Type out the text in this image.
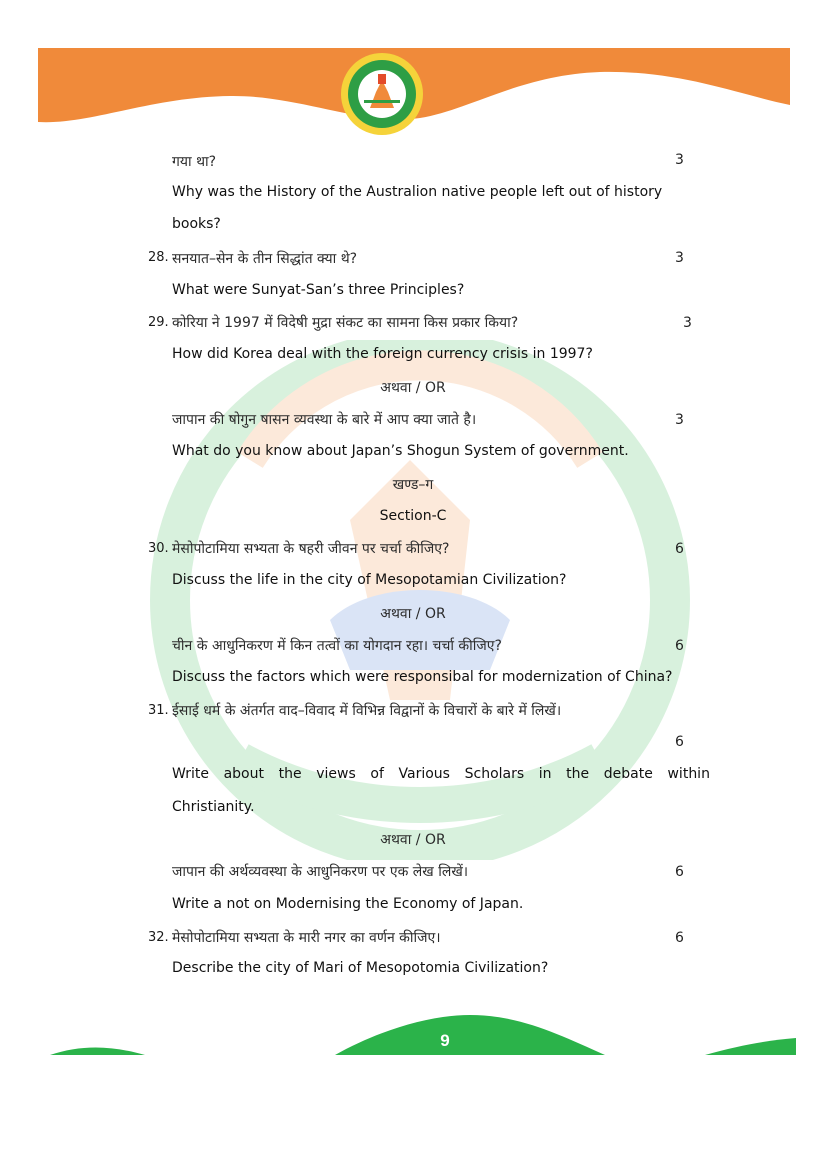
गया था?	3
Why was the History of the Australion native people left out of history
books?
28. सनयात–सेन के तीन सिद्धांत क्या थे?	3
What were Sunyat-San’s three Principles?
29. कोरिया ने 1997 में विदेषी मुद्रा संकट का सामना किस प्रकार किया?	3
How did Korea deal with the foreign currency crisis in 1997?
अथवा / OR
जापान की षोगुन षासन व्यवस्था के बारे में आप क्या जाते है।	3
What do you know about Japan’s Shogun System of government.
खण्ड–ग
Section-C
30. मेसोपोटामिया सभ्यता के षहरी जीवन पर चर्चा कीजिए?	6
Discuss the life in the city of Mesopotamian Civilization?
अथवा / OR
चीन के आधुनिकरण में किन तत्वों का योगदान रहा। चर्चा कीजिए?	6
Discuss the factors which were responsibal for modernization of China?
31. ईसाई धर्म के अंतर्गत वाद–विवाद में विभिन्न विद्वानों के विचारों के बारे में लिखें।
6
Write about the views of Various Scholars in the debate within
Christianity.
अथवा / OR
जापान की अर्थव्यवस्था के आधुनिकरण पर एक लेख लिखें।	6
Write a not on Modernising the Economy of Japan.
32. मेसोपोटामिया सभ्यता के मारी नगर का वर्णन कीजिए।	6
Describe the city of Mari of Mesopotomia Civilization?
9
